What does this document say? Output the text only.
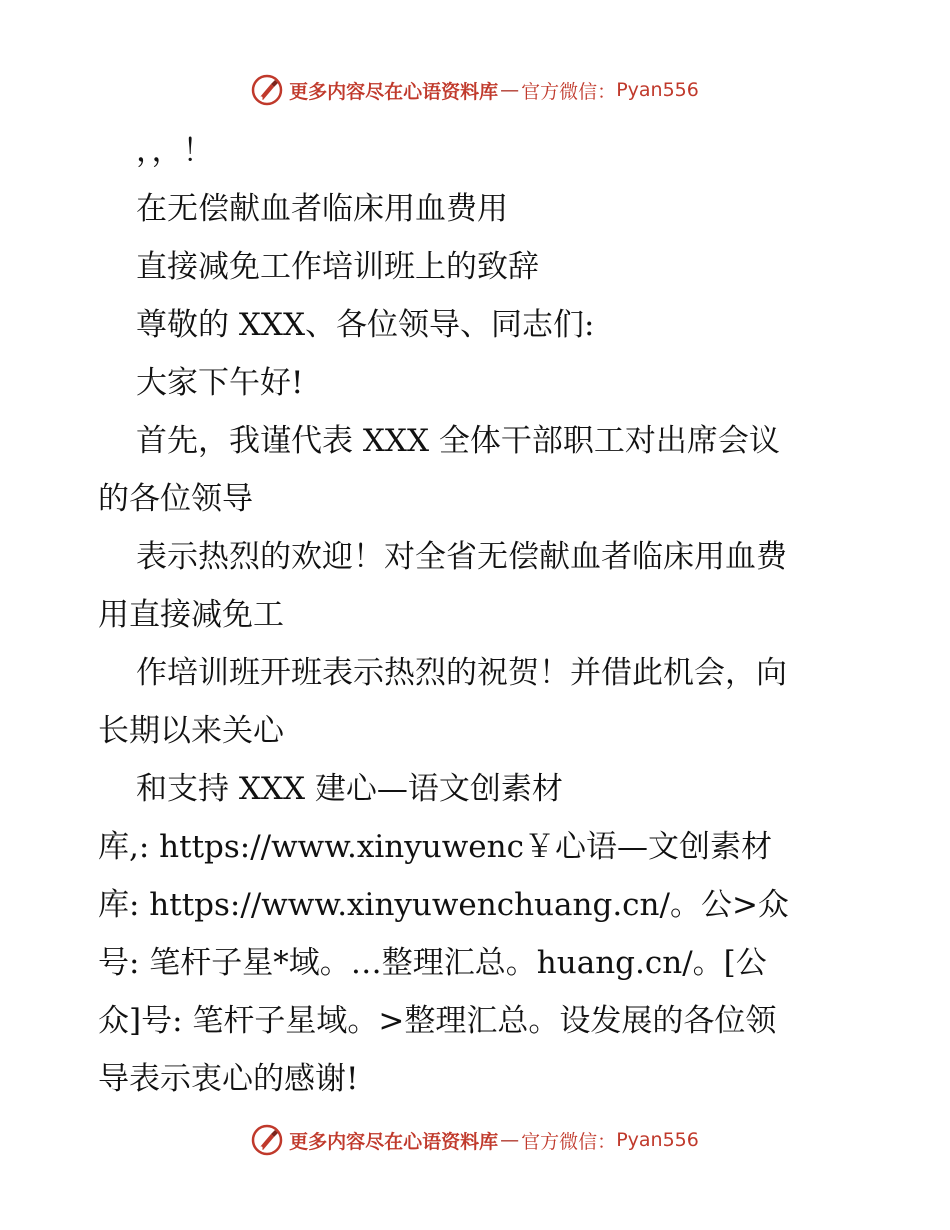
更多内容尽在心语资料库 — 官方微信： Pyan556
，，！
在无偿献血者临床用血费用
直接减免工作培训班上的致辞
尊敬的 XXX、各位领导、同志们:
大家下午好!
首先，我谨代表 XXX 全体干部职工对出席会议
的各位领导
表示热烈的欢迎！对全省无偿献血者临床用血费
用直接减免工
作培训班开班表示热烈的祝贺！并借此机会，向
长期以来关心
和支持 XXX 建心—语文创素材
库,: https://www.xinyuwenc￥心语—文创素材
库: https://www.xinyuwenchuang.cn/。公>众
号: 笔杆子星*域。…整理汇总。huang.cn/。[公
众]号: 笔杆子星域。>整理汇总。设发展的各位领
导表示衷心的感谢!
更多内容尽在心语资料库 — 官方微信： Pyan556
